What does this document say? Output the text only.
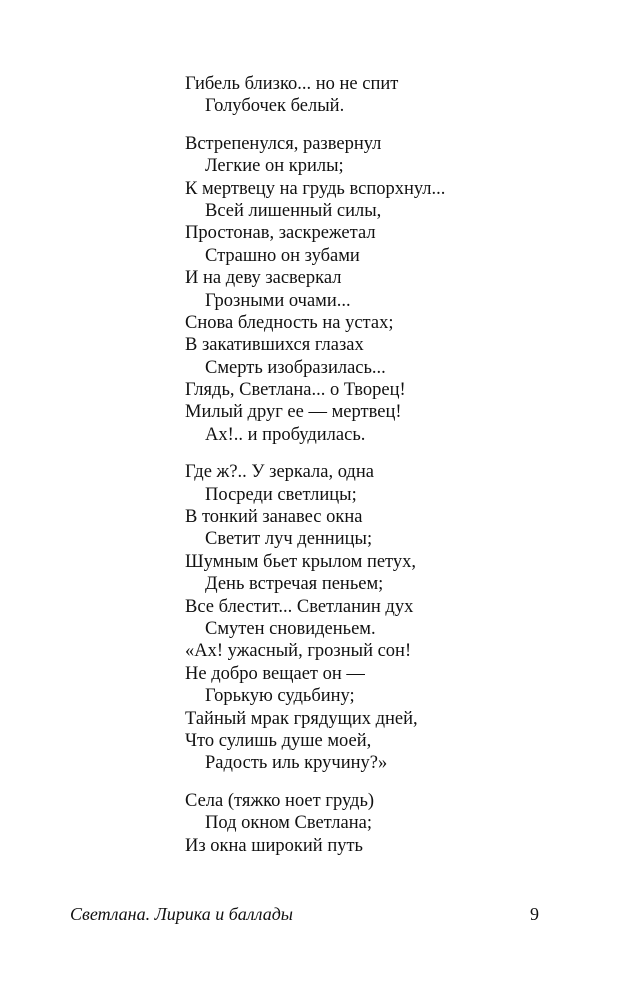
Гибель близко... но не спит
Голубочек белый.
Встрепенулся, развернул
Легкие он крилы;
К мертвецу на грудь вспорхнул...
Всей лишенный силы,
Простонав, заскрежетал
Страшно он зубами
И на деву засверкал
Грозными очами...
Снова бледность на устах;
В закатившихся глазах
Смерть изобразилась...
Глядь, Светлана... о Творец!
Милый друг ее — мертвец!
Ах!.. и пробудилась.
Где ж?.. У зеркала, одна
Посреди светлицы;
В тонкий занавес окна
Светит луч денницы;
Шумным бьет крылом петух,
День встречая пеньем;
Все блестит... Светланин дух
Смутен сновиденьем.
«Ах! ужасный, грозный сон!
Не добро вещает он —
Горькую судьбину;
Тайный мрак грядущих дней,
Что сулишь душе моей,
Радость иль кручину?»
Села (тяжко ноет грудь)
Под окном Светлана;
Из окна широкий путь
Светлана. Лирика и баллады	9
